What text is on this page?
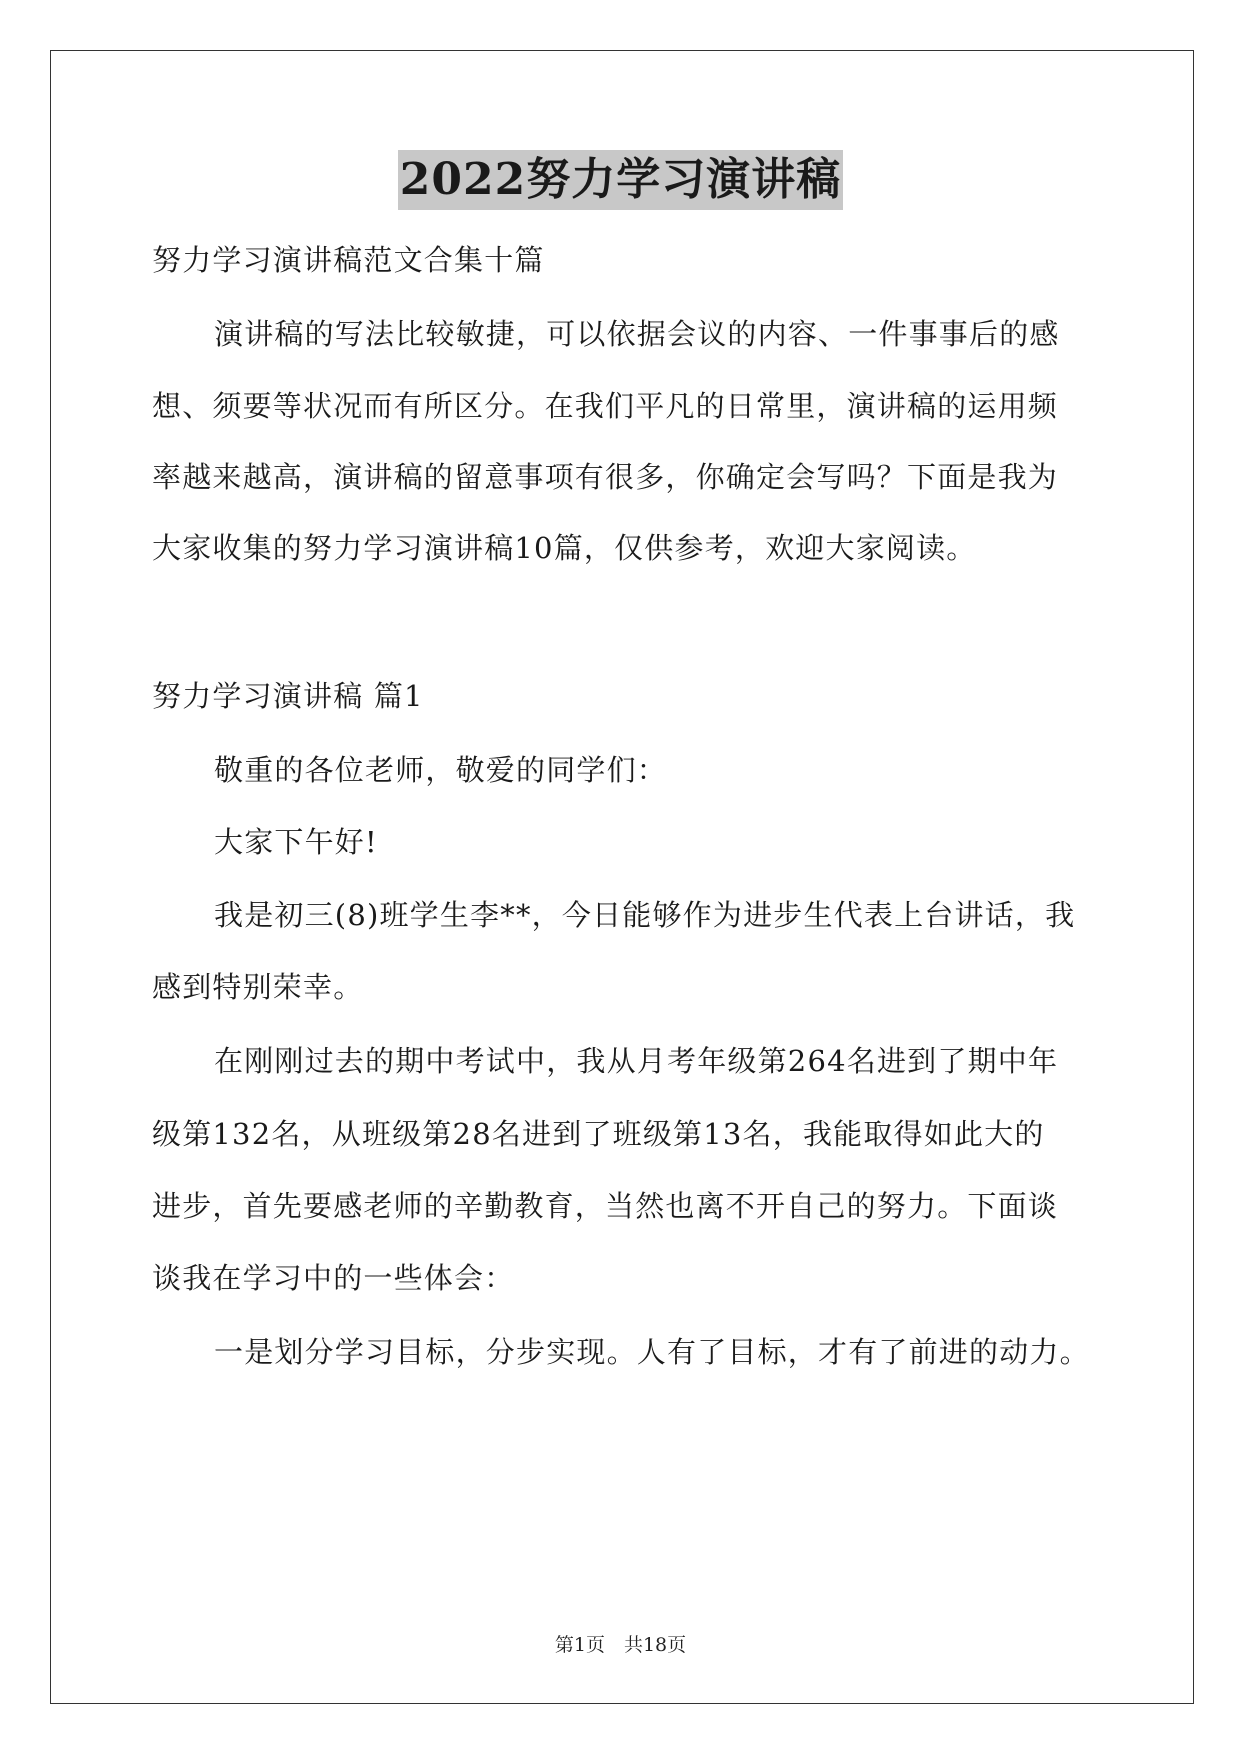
2022努力学习演讲稿

努力学习演讲稿范文合集十篇

演讲稿的写法比较敏捷，可以依据会议的内容、一件事事后的感

想、须要等状况而有所区分。在我们平凡的日常里，演讲稿的运用频

率越来越高，演讲稿的留意事项有很多，你确定会写吗？下面是我为

大家收集的努力学习演讲稿10篇，仅供参考，欢迎大家阅读。

努力学习演讲稿 篇1

敬重的各位老师，敬爱的同学们：

大家下午好!

我是初三(8)班学生李**，今日能够作为进步生代表上台讲话，我

感到特别荣幸。

在刚刚过去的期中考试中，我从月考年级第264名进到了期中年

级第132名，从班级第28名进到了班级第13名，我能取得如此大的

进步，首先要感老师的辛勤教育，当然也离不开自己的努力。下面谈

谈我在学习中的一些体会：

一是划分学习目标，分步实现。人有了目标，才有了前进的动力。

第1页　共18页
